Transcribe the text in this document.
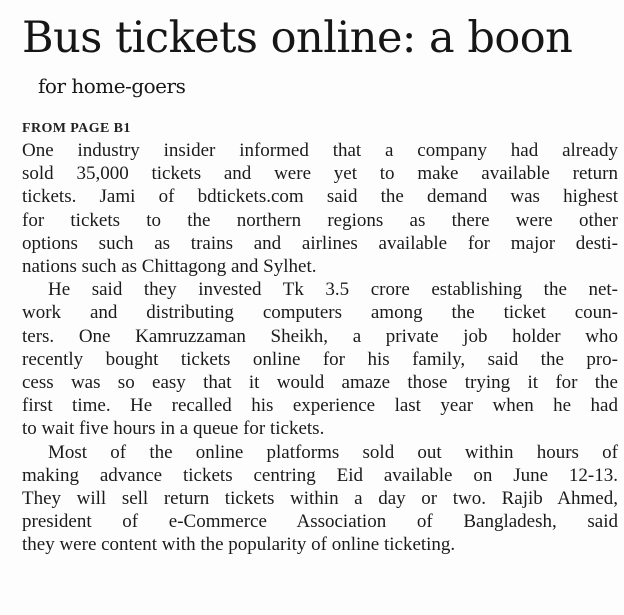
Bus tickets online: a boon
for home-goers
FROM PAGE B1

One industry insider informed that a company had already
sold 35,000 tickets and were yet to make available return
tickets. Jami of bdtickets.com said the demand was highest
for tickets to the northern regions as there were other
options such as trains and airlines available for major desti-
nations such as Chittagong and Sylhet.

He said they invested Tk 3.5 crore establishing the net-
work and distributing computers among the ticket coun-
ters. One Kamruzzaman Sheikh, a private job holder who
recently bought tickets online for his family, said the pro-
cess was so easy that it would amaze those trying it for the
first time. He recalled his experience last year when he had
to wait five hours in a queue for tickets.

Most of the online platforms sold out within hours of
making advance tickets centring Eid available on June 12-13.
They will sell return tickets within a day or two. Rajib Ahmed,
president of e-Commerce Association of Bangladesh, said
they were content with the popularity of online ticketing.
